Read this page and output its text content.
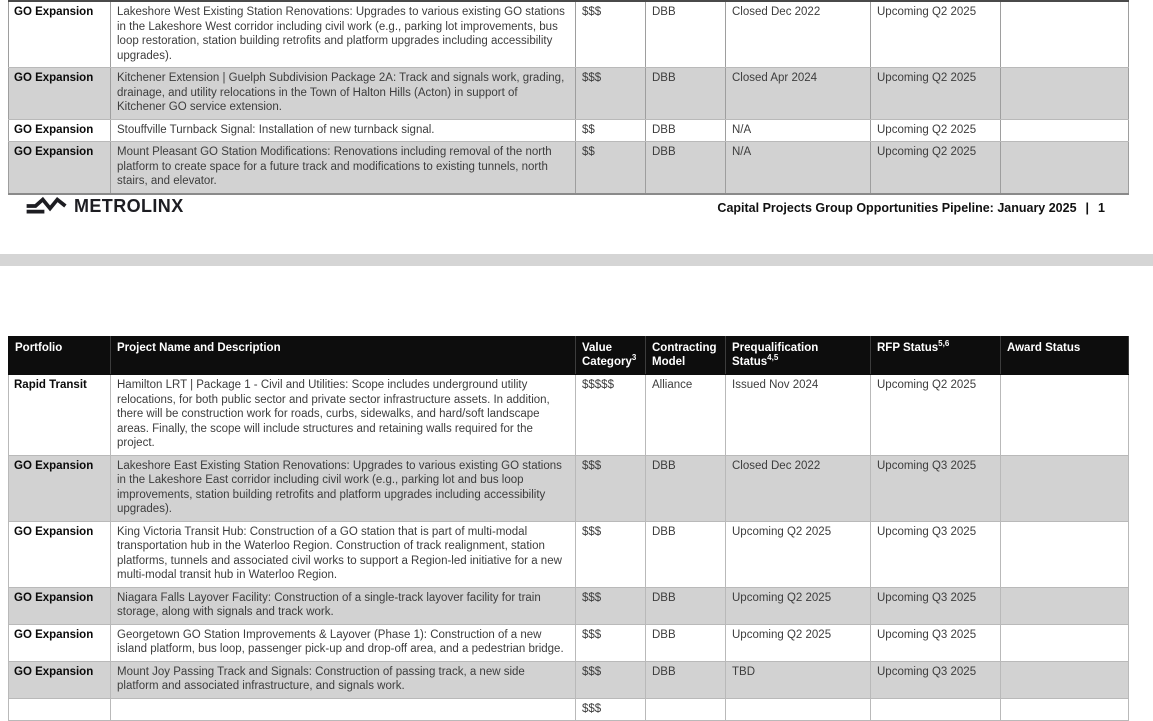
GO Expansion	Lakeshore West Existing Station Renovations: Upgrades to various existing GO stations in the Lakeshore West corridor including civil work (e.g., parking lot improvements, bus loop restoration, station building retrofits and platform upgrades including accessibility upgrades).	$$$	DBB	Closed Dec 2022	Upcoming Q2 2025	
GO Expansion	Kitchener Extension | Guelph Subdivision Package 2A: Track and signals work, grading, drainage, and utility relocations in the Town of Halton Hills (Acton) in support of Kitchener GO service extension.	$$$	DBB	Closed Apr 2024	Upcoming Q2 2025	
GO Expansion	Stouffville Turnback Signal: Installation of new turnback signal.	$$	DBB	N/A	Upcoming Q2 2025	
GO Expansion	Mount Pleasant GO Station Modifications: Renovations including removal of the north platform to create space for a future track and modifications to existing tunnels, north stairs, and elevator.	$$	DBB	N/A	Upcoming Q2 2025	
METROLINX	Capital Projects Group Opportunities Pipeline: January 2025 | 1
Portfolio	Project Name and Description	Value Category$^3$	Contracting Model	Prequalification Status$^{4,5}$	RFP Status$^{5,6}$	Award Status
Rapid Transit	Hamilton LRT | Package 1 - Civil and Utilities: Scope includes underground utility relocations, for both public sector and private sector infrastructure assets. In addition, there will be construction work for roads, curbs, sidewalks, and hard/soft landscape areas. Finally, the scope will include structures and retaining walls required for the project.	$$$$$	Alliance	Issued Nov 2024	Upcoming Q2 2025	
GO Expansion	Lakeshore East Existing Station Renovations: Upgrades to various existing GO stations in the Lakeshore East corridor including civil work (e.g., parking lot and bus loop improvements, station building retrofits and platform upgrades including accessibility upgrades).	$$$	DBB	Closed Dec 2022	Upcoming Q3 2025	
GO Expansion	King Victoria Transit Hub: Construction of a GO station that is part of multi-modal transportation hub in the Waterloo Region. Construction of track realignment, station platforms, tunnels and associated civil works to support a Region-led initiative for a new multi-modal transit hub in Waterloo Region.	$$$	DBB	Upcoming Q2 2025	Upcoming Q3 2025	
GO Expansion	Niagara Falls Layover Facility: Construction of a single-track layover facility for train storage, along with signals and track work.	$$$	DBB	Upcoming Q2 2025	Upcoming Q3 2025	
GO Expansion	Georgetown GO Station Improvements & Layover (Phase 1): Construction of a new island platform, bus loop, passenger pick-up and drop-off area, and a pedestrian bridge.	$$$	DBB	Upcoming Q2 2025	Upcoming Q3 2025	
GO Expansion	Mount Joy Passing Track and Signals: Construction of passing track, a new side platform and associated infrastructure, and signals work.	$$$	DBB	TBD	Upcoming Q3 2025	
		$$$				
